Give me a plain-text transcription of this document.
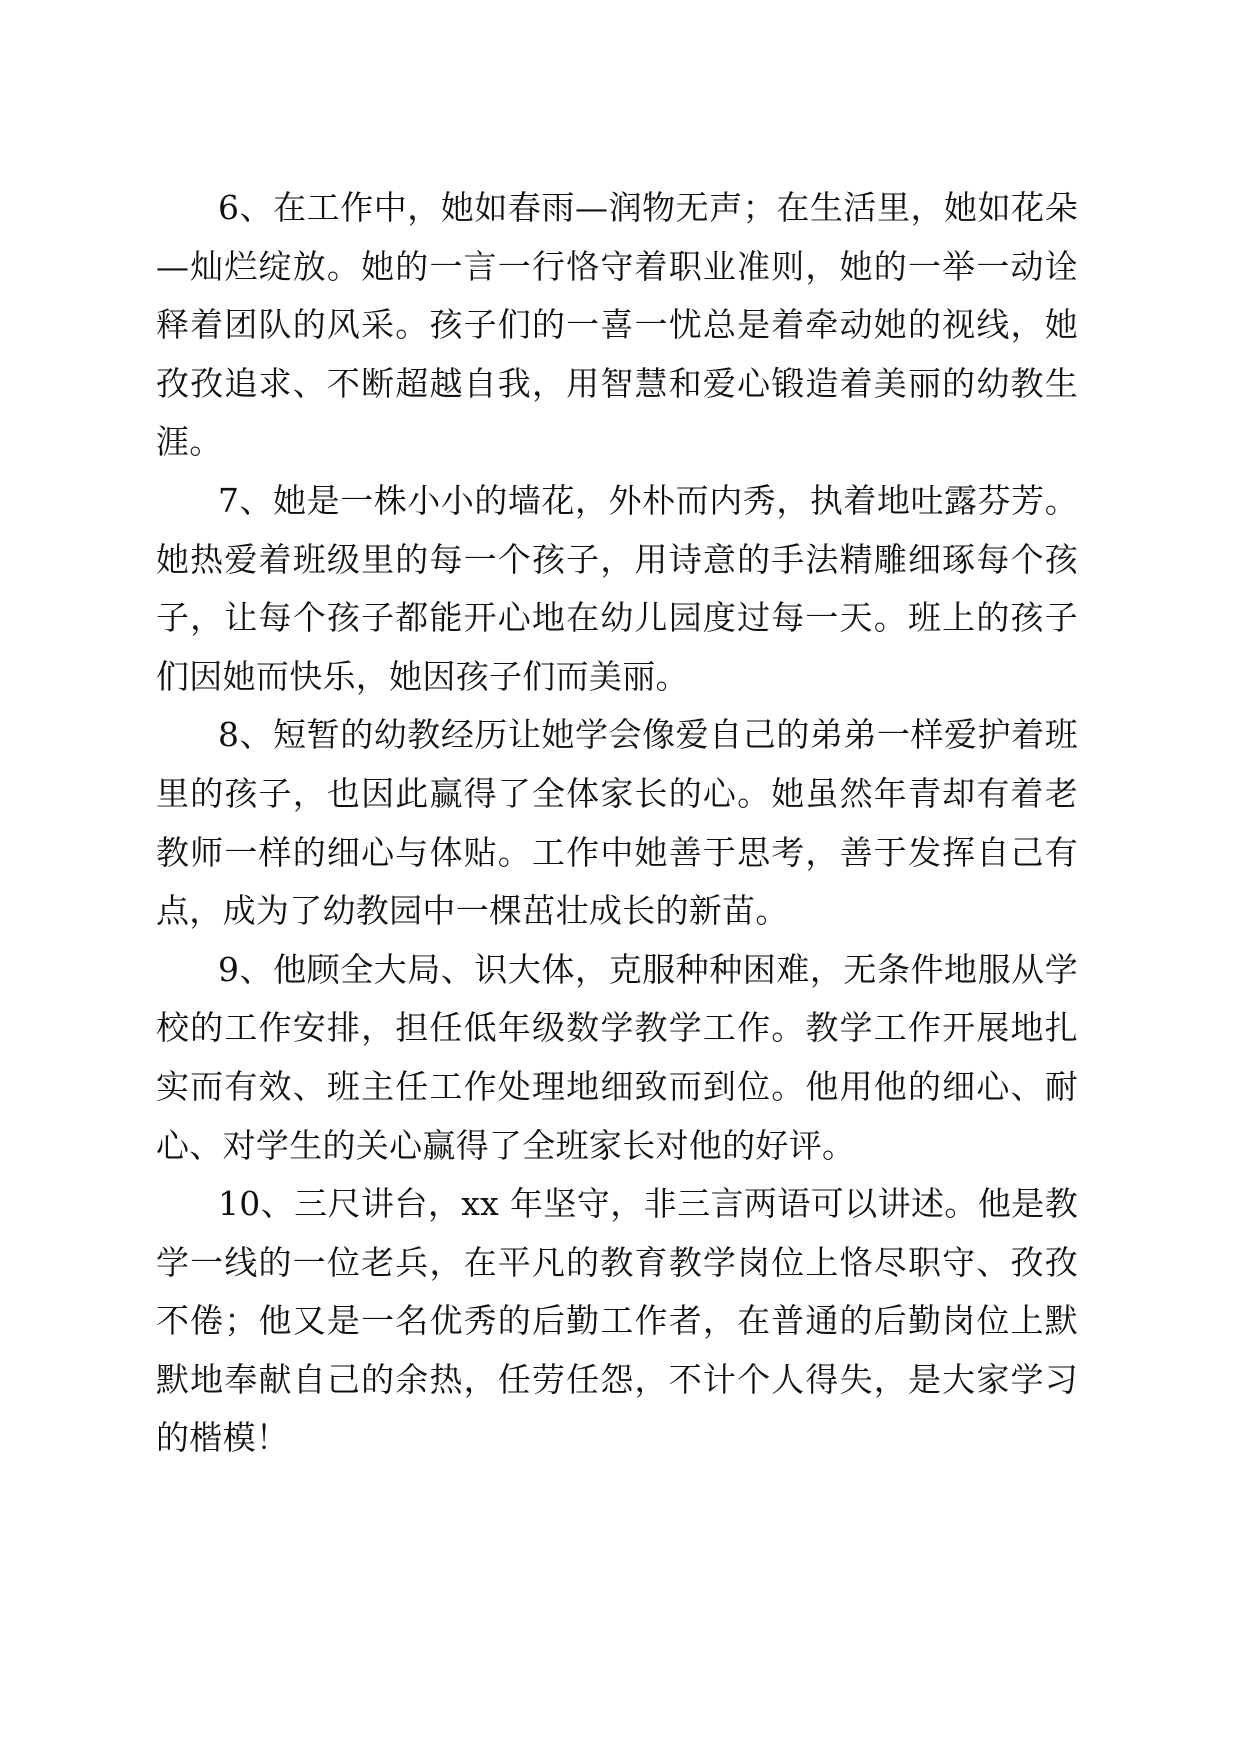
6、在工作中，她如春雨—润物无声；在生活里，她如花朵—灿烂绽放。她的一言一行恪守着职业准则，她的一举一动诠释着团队的风采。孩子们的一喜一忧总是着牵动她的视线，她孜孜追求、不断超越自我，用智慧和爱心锻造着美丽的幼教生涯。

7、她是一株小小的墙花，外朴而内秀，执着地吐露芬芳。她热爱着班级里的每一个孩子，用诗意的手法精雕细琢每个孩子，让每个孩子都能开心地在幼儿园度过每一天。班上的孩子们因她而快乐，她因孩子们而美丽。

8、短暂的幼教经历让她学会像爱自己的弟弟一样爱护着班里的孩子，也因此赢得了全体家长的心。她虽然年青却有着老教师一样的细心与体贴。工作中她善于思考，善于发挥自己有点，成为了幼教园中一棵茁壮成长的新苗。

9、他顾全大局、识大体，克服种种困难，无条件地服从学校的工作安排，担任低年级数学教学工作。教学工作开展地扎实而有效、班主任工作处理地细致而到位。他用他的细心、耐心、对学生的关心赢得了全班家长对他的好评。

10、三尺讲台，xx 年坚守，非三言两语可以讲述。他是教学一线的一位老兵，在平凡的教育教学岗位上恪尽职守、孜孜不倦；他又是一名优秀的后勤工作者，在普通的后勤岗位上默默地奉献自己的余热，任劳任怨，不计个人得失，是大家学习的楷模！
